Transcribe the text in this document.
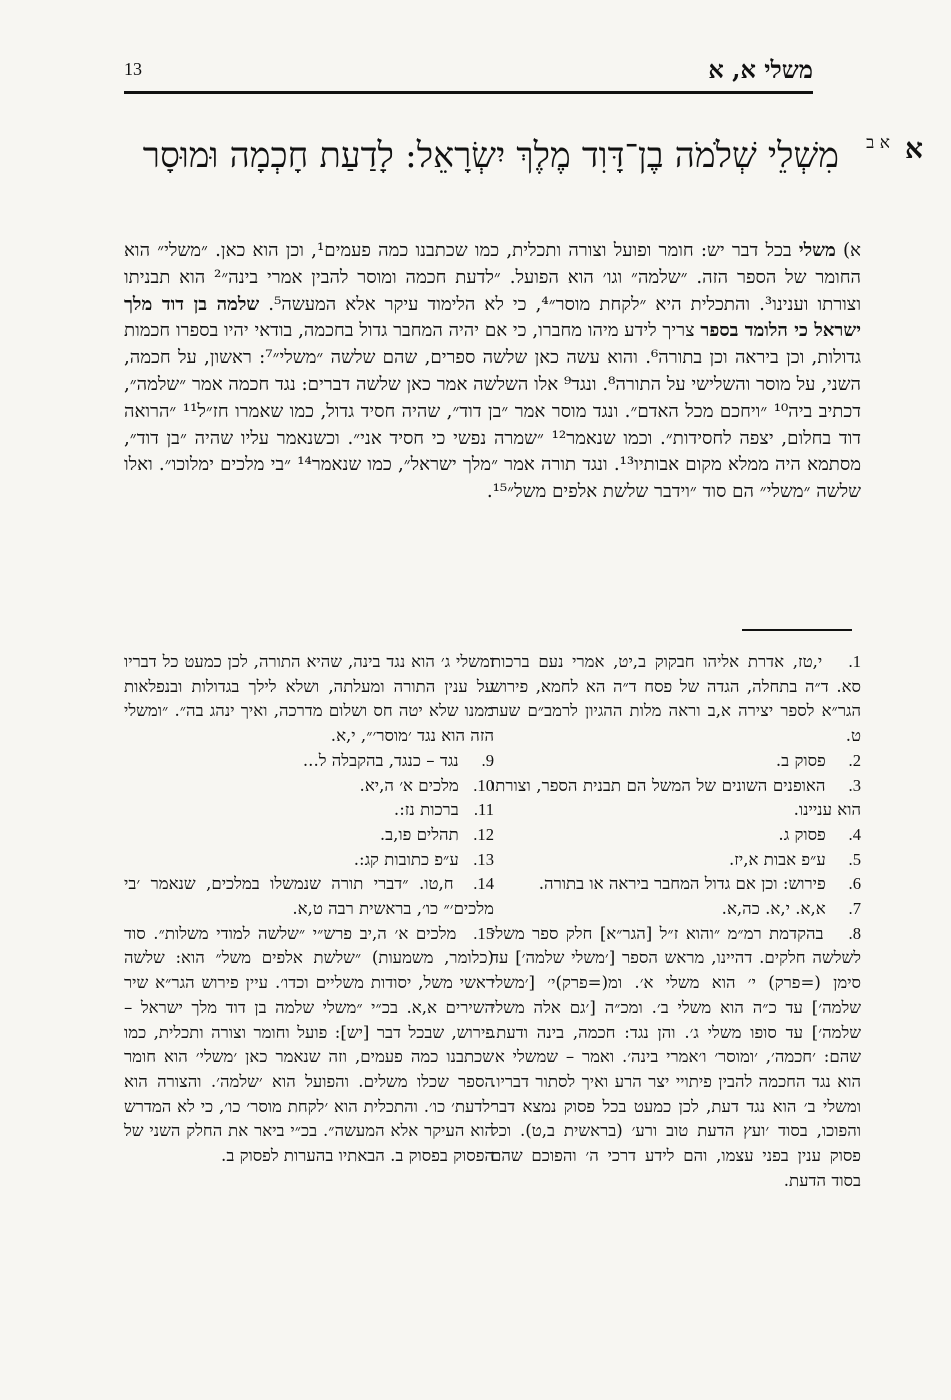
משלי א, א
13
א
א ב
מִשְׁלֵי שְׁלֹמֹה בֶן־דָּוִד מֶלֶךְ יִשְׂרָאֵל: לָדַעַת חָכְמָה וּמוּסָר

א) משלי בכל דבר יש: חומר ופועל וצורה ותכלית, כמו שכתבנו כמה פעמים¹, וכן הוא כאן. ״משלי״ הוא החומר של הספר הזה. ״שלמה״ וגו׳ הוא הפועל. ״לדעת חכמה ומוסר להבין אמרי בינה״² הוא תבניתו וצורתו וענינו³. והתכלית היא ״לקחת מוסר״⁴, כי לא הלימוד עיקר אלא המעשה⁵. שלמה בן דוד מלך ישראל כי הלומד בספר צריך לידע מיהו מחברו, כי אם יהיה המחבר גדול בחכמה, בודאי יהיו בספרו חכמות גדולות, וכן ביראה וכן בתורה⁶. והוא עשה כאן שלשה ספרים, שהם שלשה ״משלי״⁷: ראשון, על חכמה, השני, על מוסר והשלישי על התורה⁸. ונגד⁹ אלו השלשה אמר כאן שלשה דברים: נגד חכמה אמר ״שלמה״, דכתיב ביה¹⁰ ״ויחכם מכל האדם״. ונגד מוסר אמר ״בן דוד״, שהיה חסיד גדול, כמו שאמרו חז״ל¹¹ ״הרואה דוד בחלום, יצפה לחסידות״. וכמו שנאמר¹² ״שמרה נפשי כי חסיד אני״. וכשנאמר עליו שהיה ״בן דוד״, מסתמא היה ממלא מקום אבותיו¹³. ונגד תורה אמר ״מלך ישראל״, כמו שנאמר¹⁴ ״בי מלכים ימלוכו״. ואלו שלשה ״משלי״ הם סוד ״וידבר שלשת אלפים משל״¹⁵.

1. י,טז, אדרת אליהו חבקוק ב,יט, אמרי נעם ברכות סא. ד״ה בתחלה, הגדה של פסח ד״ה הא לחמא, פירוש הגר״א לספר יצירה א,ב וראה מלות ההגיון לרמב״ם שער ט.

2. פסוק ב.

3. האופנים השונים של המשל הם תבנית הספר, וצורתו הוא עניינו.

4. פסוק ג.

5. ע״פ אבות א,יז.

6. פירוש: וכן אם גדול המחבר ביראה או בתורה.

7. א,א. י,א. כה,א.

8. בהקדמת רמ״מ ״והוא ז״ל [הגר״א] חלק ספר משלי לשלשה חלקים. דהיינו, מראש הספר [׳משלי שלמה׳] עד סימן (=פרק) י׳ הוא משלי א׳. ומ(=פרק)י׳ [׳משלי שלמה׳] עד כ״ה הוא משלי ב׳. ומכ״ה [׳גם אלה משלי שלמה׳] עד סופו משלי ג׳. והן נגד: חכמה, בינה ודעת. שהם: ׳חכמה׳, ׳ומוסר׳ ו׳אמרי בינה׳. ואמר – שמשלי א׳ הוא נגד החכמה להבין פיתויי יצר הרע ואיך לסתור דבריו. ומשלי ב׳ הוא נגד דעת, לכן כמעט בכל פסוק נמצא דבר והפוכו, בסוד ׳ועץ הדעת טוב ורע׳ (בראשית ב,ט). וכל פסוק ענין בפני עצמו, והם לידע דרכי ה׳ והפוכם שהם בסוד הדעת.

ומשלי ג׳ הוא נגד בינה, שהיא התורה, לכן כמעט כל דבריו על ענין התורה ומעלתה, ושלא לילך בגדולות ובנפלאות ממנו שלא יטה חס ושלום מדרכה, ואיך ינהג בה״. ״ומשלי הזה הוא נגד ׳מוסר׳״, י,א.

9. נגד – כנגד, בהקבלה ל...

10. מלכים א׳ ה,יא.

11. ברכות נז:.

12. תהלים פו,ב.

13. ע״פ כתובות קג:.

14. ח,טו. ״דברי תורה שנמשלו במלכים, שנאמר ׳בי מלכים׳״ כו׳, בראשית רבה ט,א.

15. מלכים א׳ ה,יב פרש״י ״שלשה למודי משלות״. סוד (כלומר, משמעות) ״שלשת אלפים משל״ הוא: שלשה ראשי משל, יסודות משליים וכדו׳. עיין פירוש הגר״א שיר השירים א,א. בכ״י ״משלי שלמה בן דוד מלך ישראל – פירוש, שבכל דבר [יש]: פועל וחומר וצורה ותכלית, כמו שכתבנו כמה פעמים, וזה שנאמר כאן ׳משלי׳ הוא חומר הספר שכלו משלים. והפועל הוא ׳שלמה׳. והצורה הוא ׳לדעת׳ כו׳. והתכלית הוא ׳לקחת מוסר׳ כו׳, כי לא המדרש הוא העיקר אלא המעשה״. בכ״י ביאר את החלק השני של הפסוק בפסוק ב. הבאתיו בהערות לפסוק ב.
